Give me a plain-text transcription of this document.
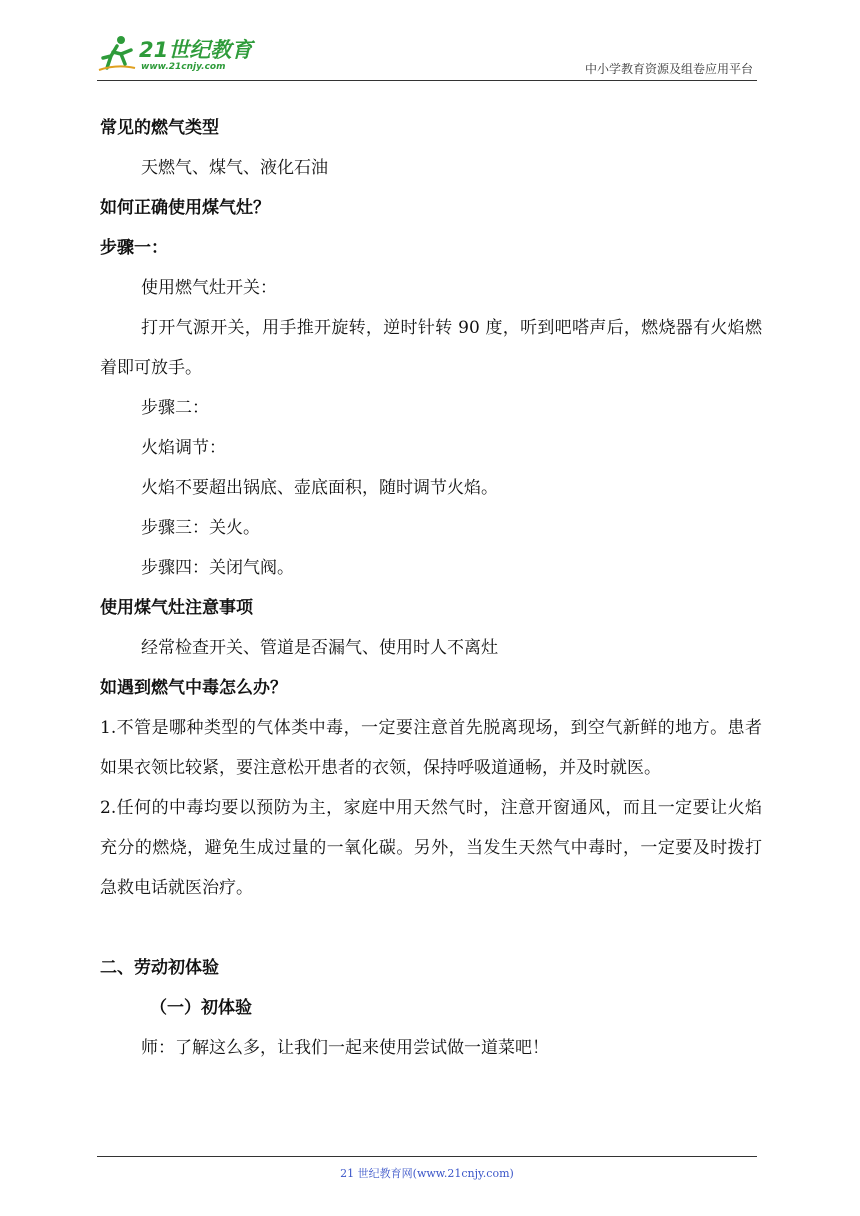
21世纪教育
www.21cnjy.com	中小学教育资源及组卷应用平台
常见的燃气类型
天燃气、煤气、液化石油
如何正确使用煤气灶？
步骤一：
使用燃气灶开关：
打开气源开关，用手推开旋转，逆时针转 90 度，听到吧嗒声后，燃烧器有火焰燃着即可放手。
步骤二：
火焰调节：
火焰不要超出锅底、壶底面积，随时调节火焰。
步骤三：关火。
步骤四：关闭气阀。
使用煤气灶注意事项
经常检查开关、管道是否漏气、使用时人不离灶
如遇到燃气中毒怎么办？
1.不管是哪种类型的气体类中毒，一定要注意首先脱离现场，到空气新鲜的地方。患者如果衣领比较紧，要注意松开患者的衣领，保持呼吸道通畅，并及时就医。
2.任何的中毒均要以预防为主，家庭中用天然气时，注意开窗通风，而且一定要让火焰充分的燃烧，避免生成过量的一氧化碳。另外，当发生天然气中毒时，一定要及时拨打急救电话就医治疗。
二、劳动初体验
（一）初体验
师：了解这么多，让我们一起来使用尝试做一道菜吧！
21 世纪教育网(www.21cnjy.com)
